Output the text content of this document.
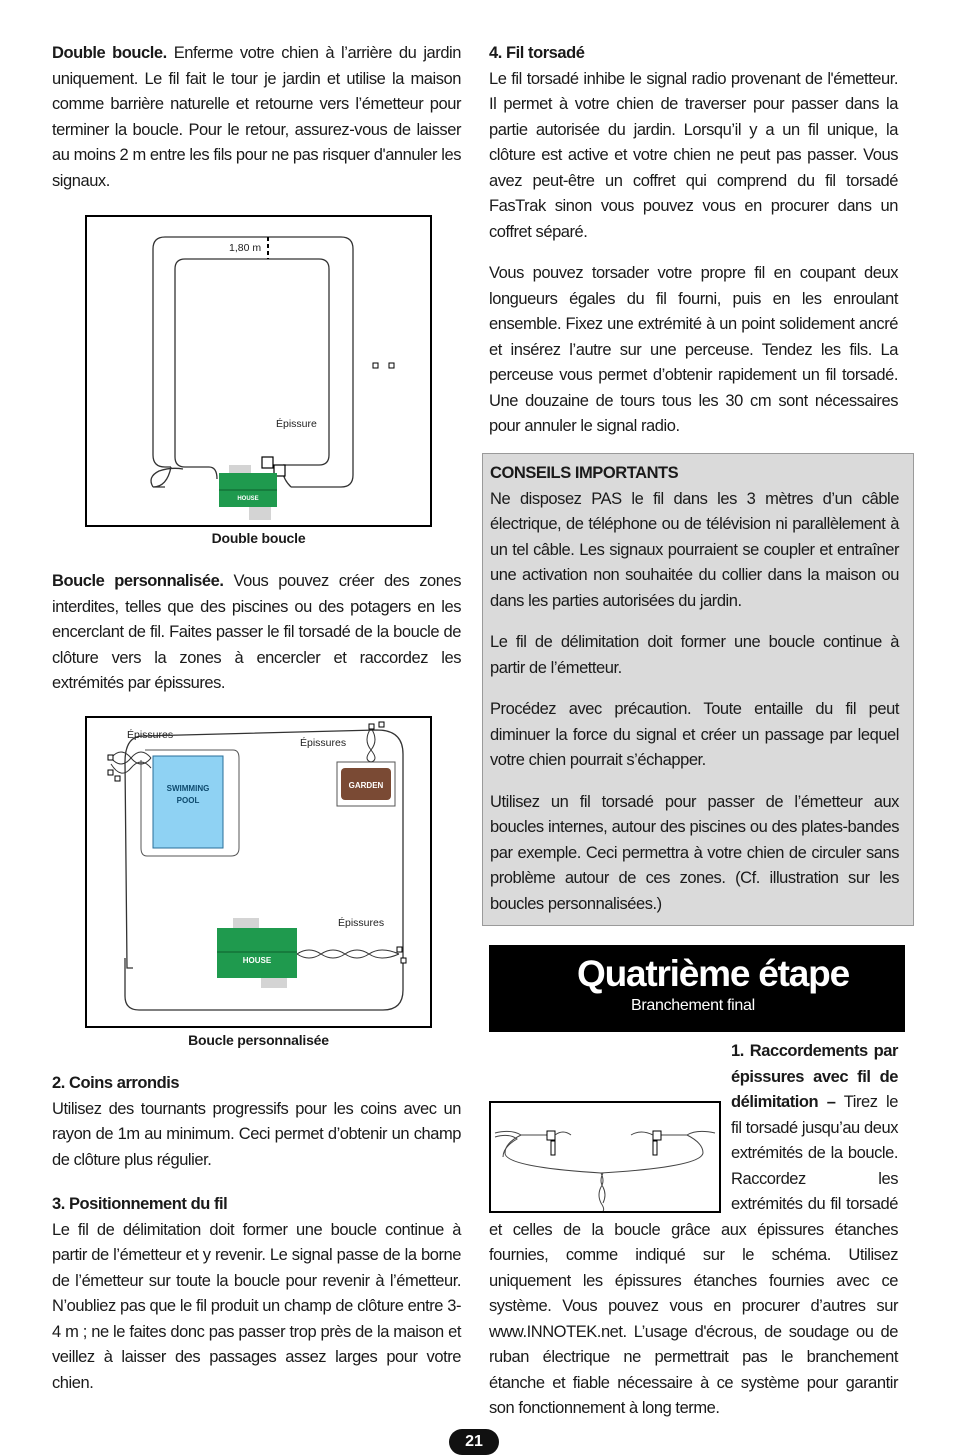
Double boucle. Enferme votre chien à l’arrière du jardin uniquement. Le fil fait le tour je jardin et utilise la maison comme barrière naturelle et retourne vers l’émetteur pour terminer la boucle. Pour le retour, assurez-vous de laisser au moins 2 m entre les fils pour ne pas risquer d'annuler les signaux.

1,80 m
Épissure
HOUSE
Double boucle

Boucle personnalisée. Vous pouvez créer des zones interdites, telles que des piscines ou des potagers en les encerclant de fil. Faites passer le fil torsadé de la boucle de clôture vers la zones à encercler et raccordez les extrémités par épissures.

SWIMMING
POOL
Épissures
GARDEN
Épissures
HOUSE
Épissures
Boucle personnalisée

2. Coins arrondis

Utilisez des tournants progressifs pour les coins avec un rayon de 1m au minimum. Ceci permet d’obtenir un champ de clôture plus régulier.

3. Positionnement du fil

Le fil de délimitation doit former une boucle continue à partir de l’émetteur et y revenir. Le signal passe de la borne de l’émetteur sur toute la boucle pour revenir à l’émetteur. N’oubliez pas que le fil produit un champ de clôture entre 3-4 m ; ne le faites donc pas passer trop près de la maison et veillez à laisser des passages assez larges pour votre chien.

4. Fil torsadé

Le fil torsadé inhibe le signal radio provenant de l'émetteur. Il permet à votre chien de traverser pour passer dans la partie autorisée du jardin. Lorsqu’il y a un fil unique, la clôture est active et votre chien ne peut pas passer. Vous avez peut-être un coffret qui comprend du fil torsadé FasTrak sinon vous pouvez vous en procurer dans un coffret séparé.

Vous pouvez torsader votre propre fil en coupant deux longueurs égales du fil fourni, puis en les enroulant ensemble. Fixez une extrémité à un point solidement ancré et insérez l’autre sur une perceuse. Tendez les fils. La perceuse vous permet d’obtenir rapidement un fil torsadé. Une douzaine de tours tous les 30 cm sont nécessaires pour annuler le signal radio.

CONSEILS IMPORTANTS

Ne disposez PAS le fil dans les 3 mètres d’un câble électrique, de téléphone ou de télévision ni parallèlement à un tel câble. Les signaux pourraient se coupler et entraîner une activation non souhaitée du collier dans la maison ou dans les parties autorisées du jardin.

Le fil de délimitation doit former une boucle continue à partir de l’émetteur.

Procédez avec précaution. Toute entaille du fil peut diminuer la force du signal et créer un passage par lequel votre chien pourrait s’échapper.

Utilisez un fil torsadé pour passer de l’émetteur aux boucles internes, autour des piscines ou des plates-bandes par exemple. Ceci permettra à votre chien de circuler sans problème autour de ces zones. (Cf. illustration sur les boucles personnalisées.)

Quatrième étape
Branchement final

1. Raccordements par épissures avec fil de délimitation – Tirez le fil torsadé jusqu’au deux extrémités de la boucle. Raccordez les extrémités du fil torsadé et celles de la boucle grâce aux épissures étanches fournies, comme indiqué sur le schéma. Utilisez uniquement les épissures étanches fournies avec ce système. Vous pouvez vous en procurer d’autres sur www.INNOTEK.net. L’usage d'écrous, de soudage ou de ruban électrique ne permettrait pas le branchement étanche et fiable nécessaire à ce système pour garantir son fonctionnement à long terme.

21
